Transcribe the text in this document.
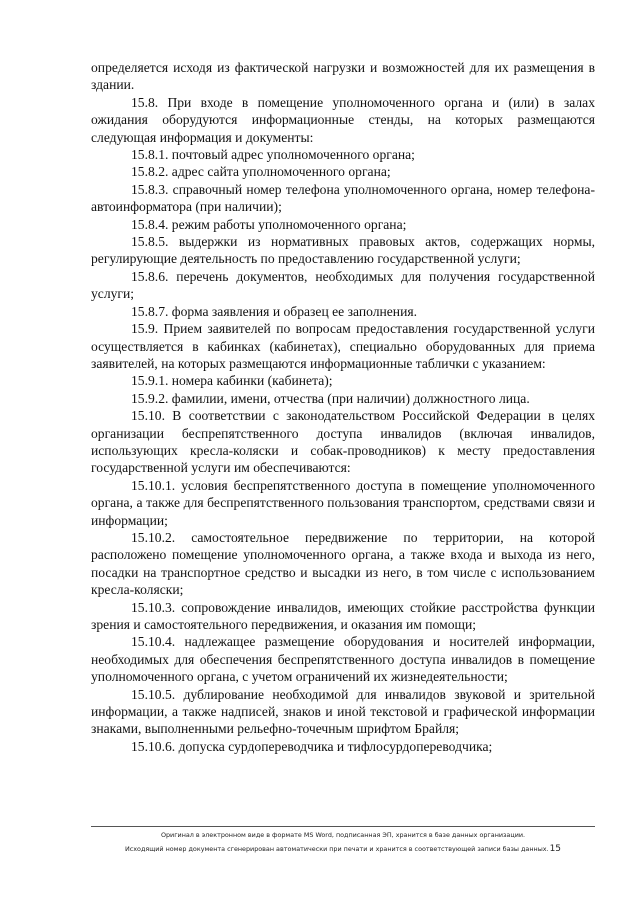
определяется исходя из фактической нагрузки и возможностей для их размещения в здании.

15.8. При входе в помещение уполномоченного органа и (или) в залах ожидания оборудуются информационные стенды, на которых размещаются следующая информация и документы:

15.8.1. почтовый адрес уполномоченного органа;

15.8.2. адрес сайта уполномоченного органа;

15.8.3. справочный номер телефона уполномоченного органа, номер телефона-автоинформатора (при наличии);

15.8.4. режим работы уполномоченного органа;

15.8.5. выдержки из нормативных правовых актов, содержащих нормы, регулирующие деятельность по предоставлению государственной услуги;

15.8.6. перечень документов, необходимых для получения государственной услуги;

15.8.7. форма заявления и образец ее заполнения.

15.9. Прием заявителей по вопросам предоставления государственной услуги осуществляется в кабинках (кабинетах), специально оборудованных для приема заявителей, на которых размещаются информационные таблички с указанием:

15.9.1. номера кабинки (кабинета);

15.9.2. фамилии, имени, отчества (при наличии) должностного лица.

15.10. В соответствии с законодательством Российской Федерации в целях организации беспрепятственного доступа инвалидов (включая инвалидов, использующих кресла-коляски и собак-проводников) к месту предоставления государственной услуги им обеспечиваются:

15.10.1. условия беспрепятственного доступа в помещение уполномоченного органа, а также для беспрепятственного пользования транспортом, средствами связи и информации;

15.10.2. самостоятельное передвижение по территории, на которой расположено помещение уполномоченного органа, а также входа и выхода из него, посадки на транспортное средство и высадки из него, в том числе с использованием кресла-коляски;

15.10.3. сопровождение инвалидов, имеющих стойкие расстройства функции зрения и самостоятельного передвижения, и оказания им помощи;

15.10.4. надлежащее размещение оборудования и носителей информации, необходимых для обеспечения беспрепятственного доступа инвалидов в помещение уполномоченного органа, с учетом ограничений их жизнедеятельности;

15.10.5. дублирование необходимой для инвалидов звуковой и зрительной информации, а также надписей, знаков и иной текстовой и графической информации знаками, выполненными рельефно-точечным шрифтом Брайля;

15.10.6. допуска сурдопереводчика и тифлосурдопереводчика;

Оригинал в электронном виде в формате MS Word, подписанная ЭП, хранится в базе данных организации.
Исходящий номер документа сгенерирован автоматически при печати и хранится в соответствующей записи базы данных.15
